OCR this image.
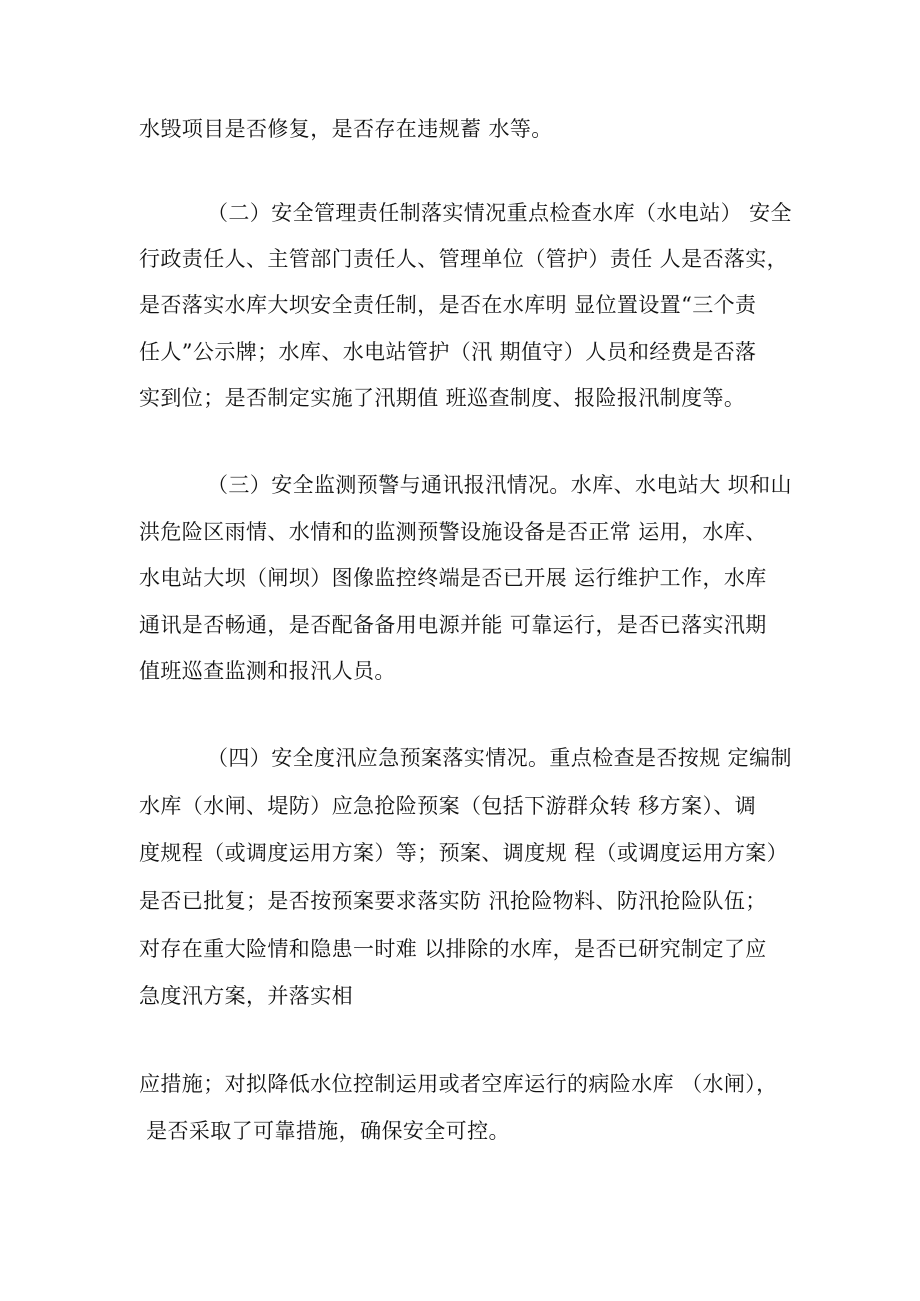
水毁项目是否修复，是否存在违规蓄 水等。
（二）安全管理责任制落实情况重点检查水库（水电站） 安全
行政责任人、主管部门责任人、管理单位（管护）责任 人是否落实，
是否落实水库大坝安全责任制，是否在水库明 显位置设置“三个责
任人”公示牌；水库、水电站管护（汛 期值守）人员和经费是否落
实到位；是否制定实施了汛期值 班巡查制度、报险报汛制度等。
（三）安全监测预警与通讯报汛情况。水库、水电站大 坝和山
洪危险区雨情、水情和的监测预警设施设备是否正常 运用，水库、
水电站大坝（闸坝）图像监控终端是否已开展 运行维护工作，水库
通讯是否畅通，是否配备备用电源并能 可靠运行，是否已落实汛期
值班巡查监测和报汛人员。
（四）安全度汛应急预案落实情况。重点检查是否按规 定编制
水库（水闸、堤防）应急抢险预案（包括下游群众转 移方案）、调
度规程（或调度运用方案）等；预案、调度规 程（或调度运用方案）
是否已批复；是否按预案要求落实防 汛抢险物料、防汛抢险队伍；
对存在重大险情和隐患一时难 以排除的水库，是否已研究制定了应
急度汛方案，并落实相
应措施；对拟降低水位控制运用或者空库运行的病险水库 （水闸），
是否采取了可靠措施，确保安全可控。
